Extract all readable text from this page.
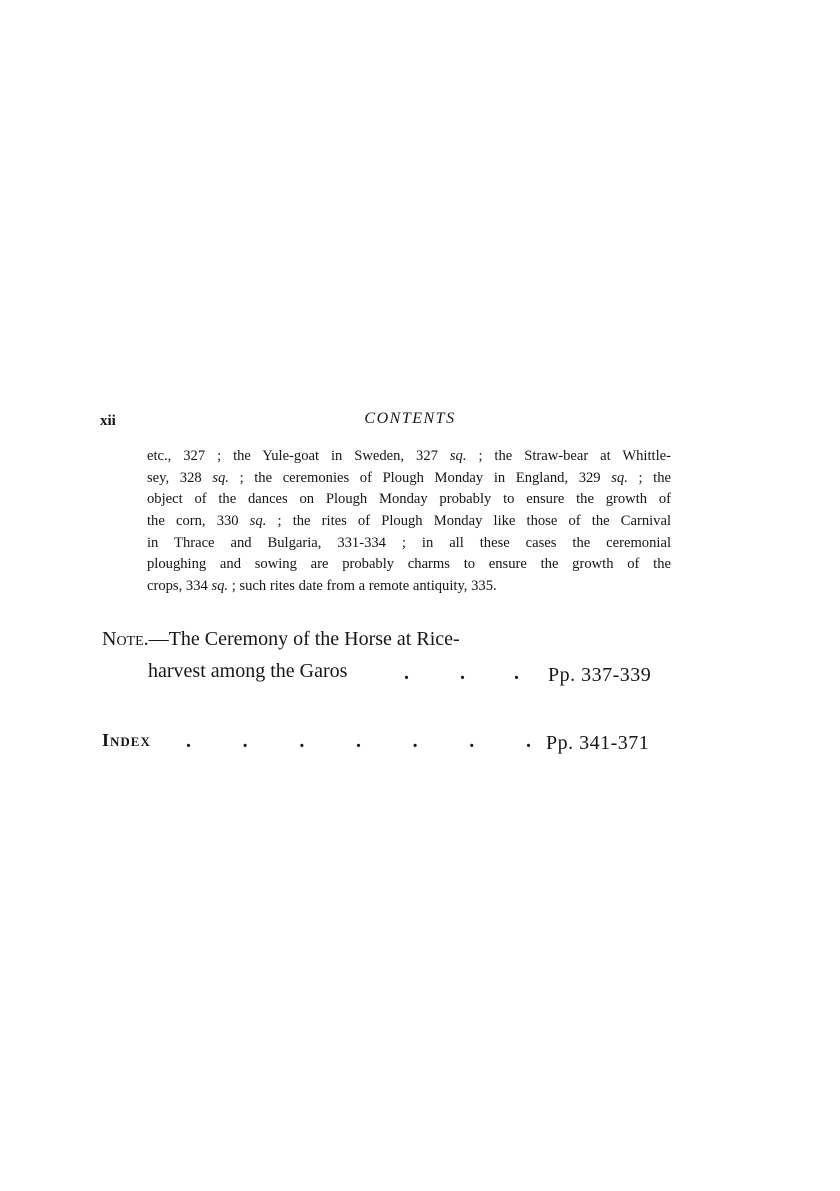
xii	CONTENTS
etc., 327 ; the Yule-goat in Sweden, 327 sq. ; the Straw-bear at Whittle-
sey, 328 sq. ; the ceremonies of Plough Monday in England, 329 sq. ; the
object of the dances on Plough Monday probably to ensure the growth of
the corn, 330 sq. ; the rites of Plough Monday like those of the Carnival
in Thrace and Bulgaria, 331-334 ; in all these cases the ceremonial
ploughing and sowing are probably charms to ensure the growth of the
crops, 334 sq. ; such rites date from a remote antiquity, 335.
Note.—The Ceremony of the Horse at Rice-
harvest among the Garos	.	. . Pp. 337-339
Index .	.	.	.	.	.	. Pp. 341-371
